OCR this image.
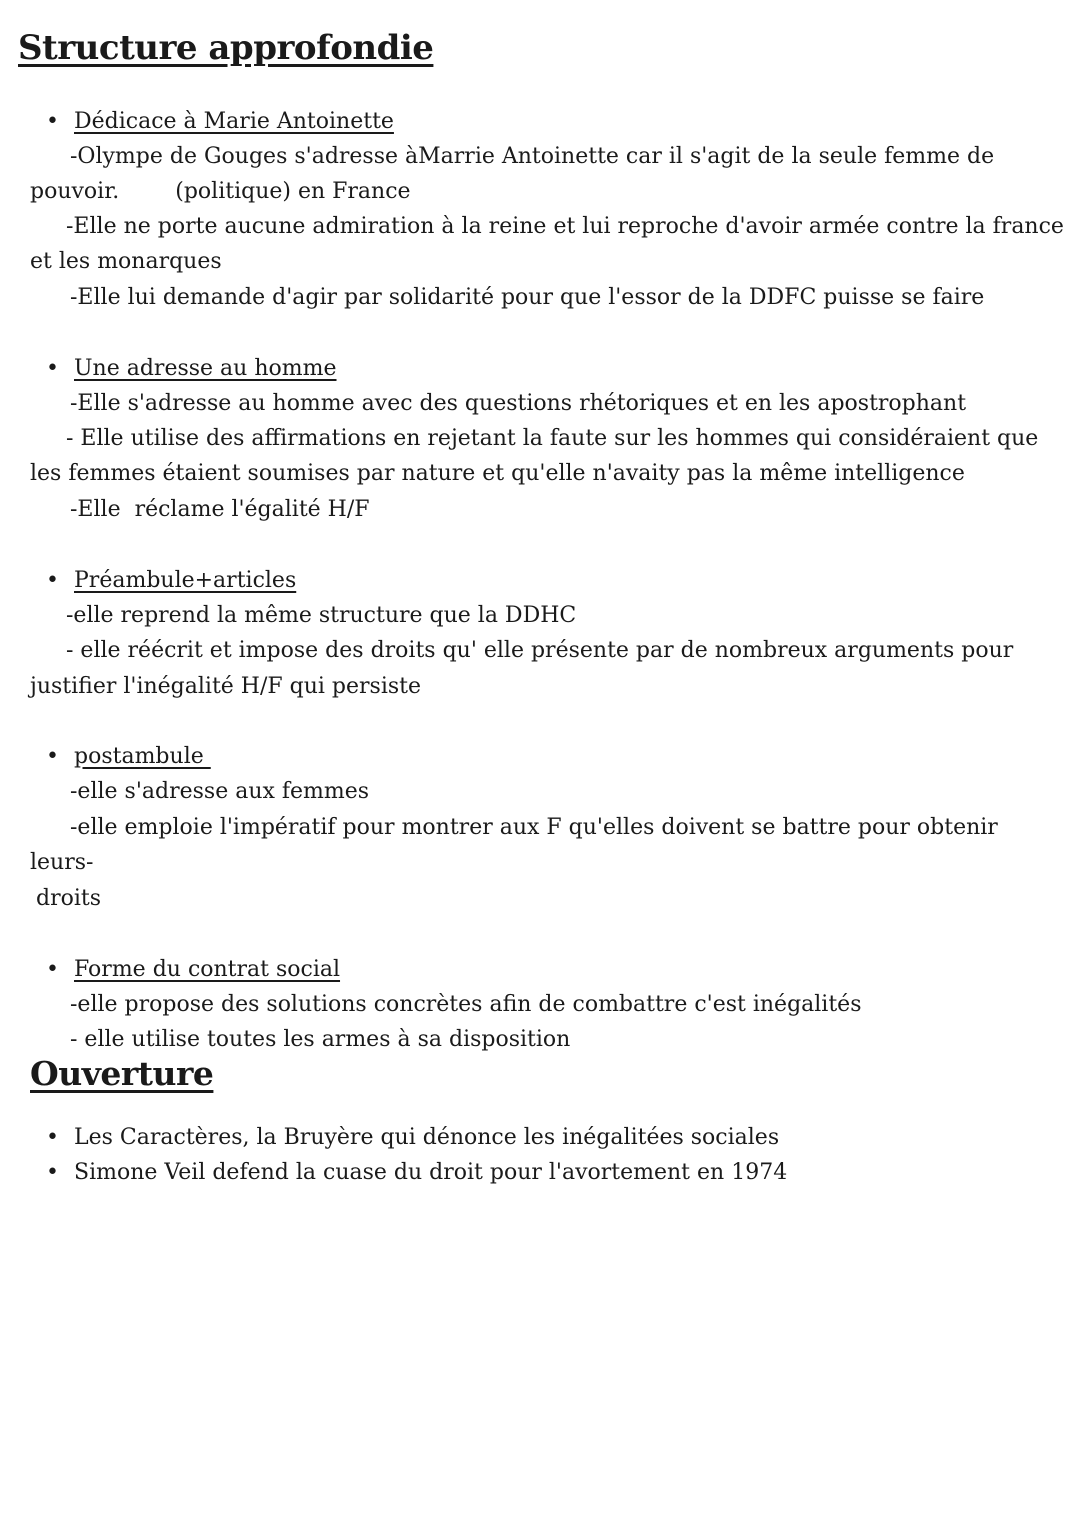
Structure approfondie
• Dédicace à Marie Antoinette

-Olympe de Gouges s'adresse àMarrie Antoinette car il s'agit de la seule femme de

pouvoir.        (politique) en France

-Elle ne porte aucune admiration à la reine et lui reproche d'avoir armée contre la france

et les monarques

-Elle lui demande d'agir par solidarité pour que l'essor de la DDFC puisse se faire

• Une adresse au homme

-Elle s'adresse au homme avec des questions rhétoriques et en les apostrophant

- Elle utilise des affirmations en rejetant la faute sur les hommes qui considéraient que

les femmes étaient soumises par nature et qu'elle n'avaity pas la même intelligence

-Elle  réclame l'égalité H/F

• Préambule+articles

-elle reprend la même structure que la DDHC

- elle réécrit et impose des droits qu' elle présente par de nombreux arguments pour

justifier l'inégalité H/F qui persiste

• postambule

-elle s'adresse aux femmes

-elle emploie l'impératif pour montrer aux F qu'elles doivent se battre pour obtenir

leurs-

droits

• Forme du contrat social

-elle propose des solutions concrètes afin de combattre c'est inégalités

- elle utilise toutes les armes à sa disposition

Ouverture
• Les Caractères, la Bruyère qui dénonce les inégalitées sociales
• Simone Veil defend la cuase du droit pour l'avortement en 1974
